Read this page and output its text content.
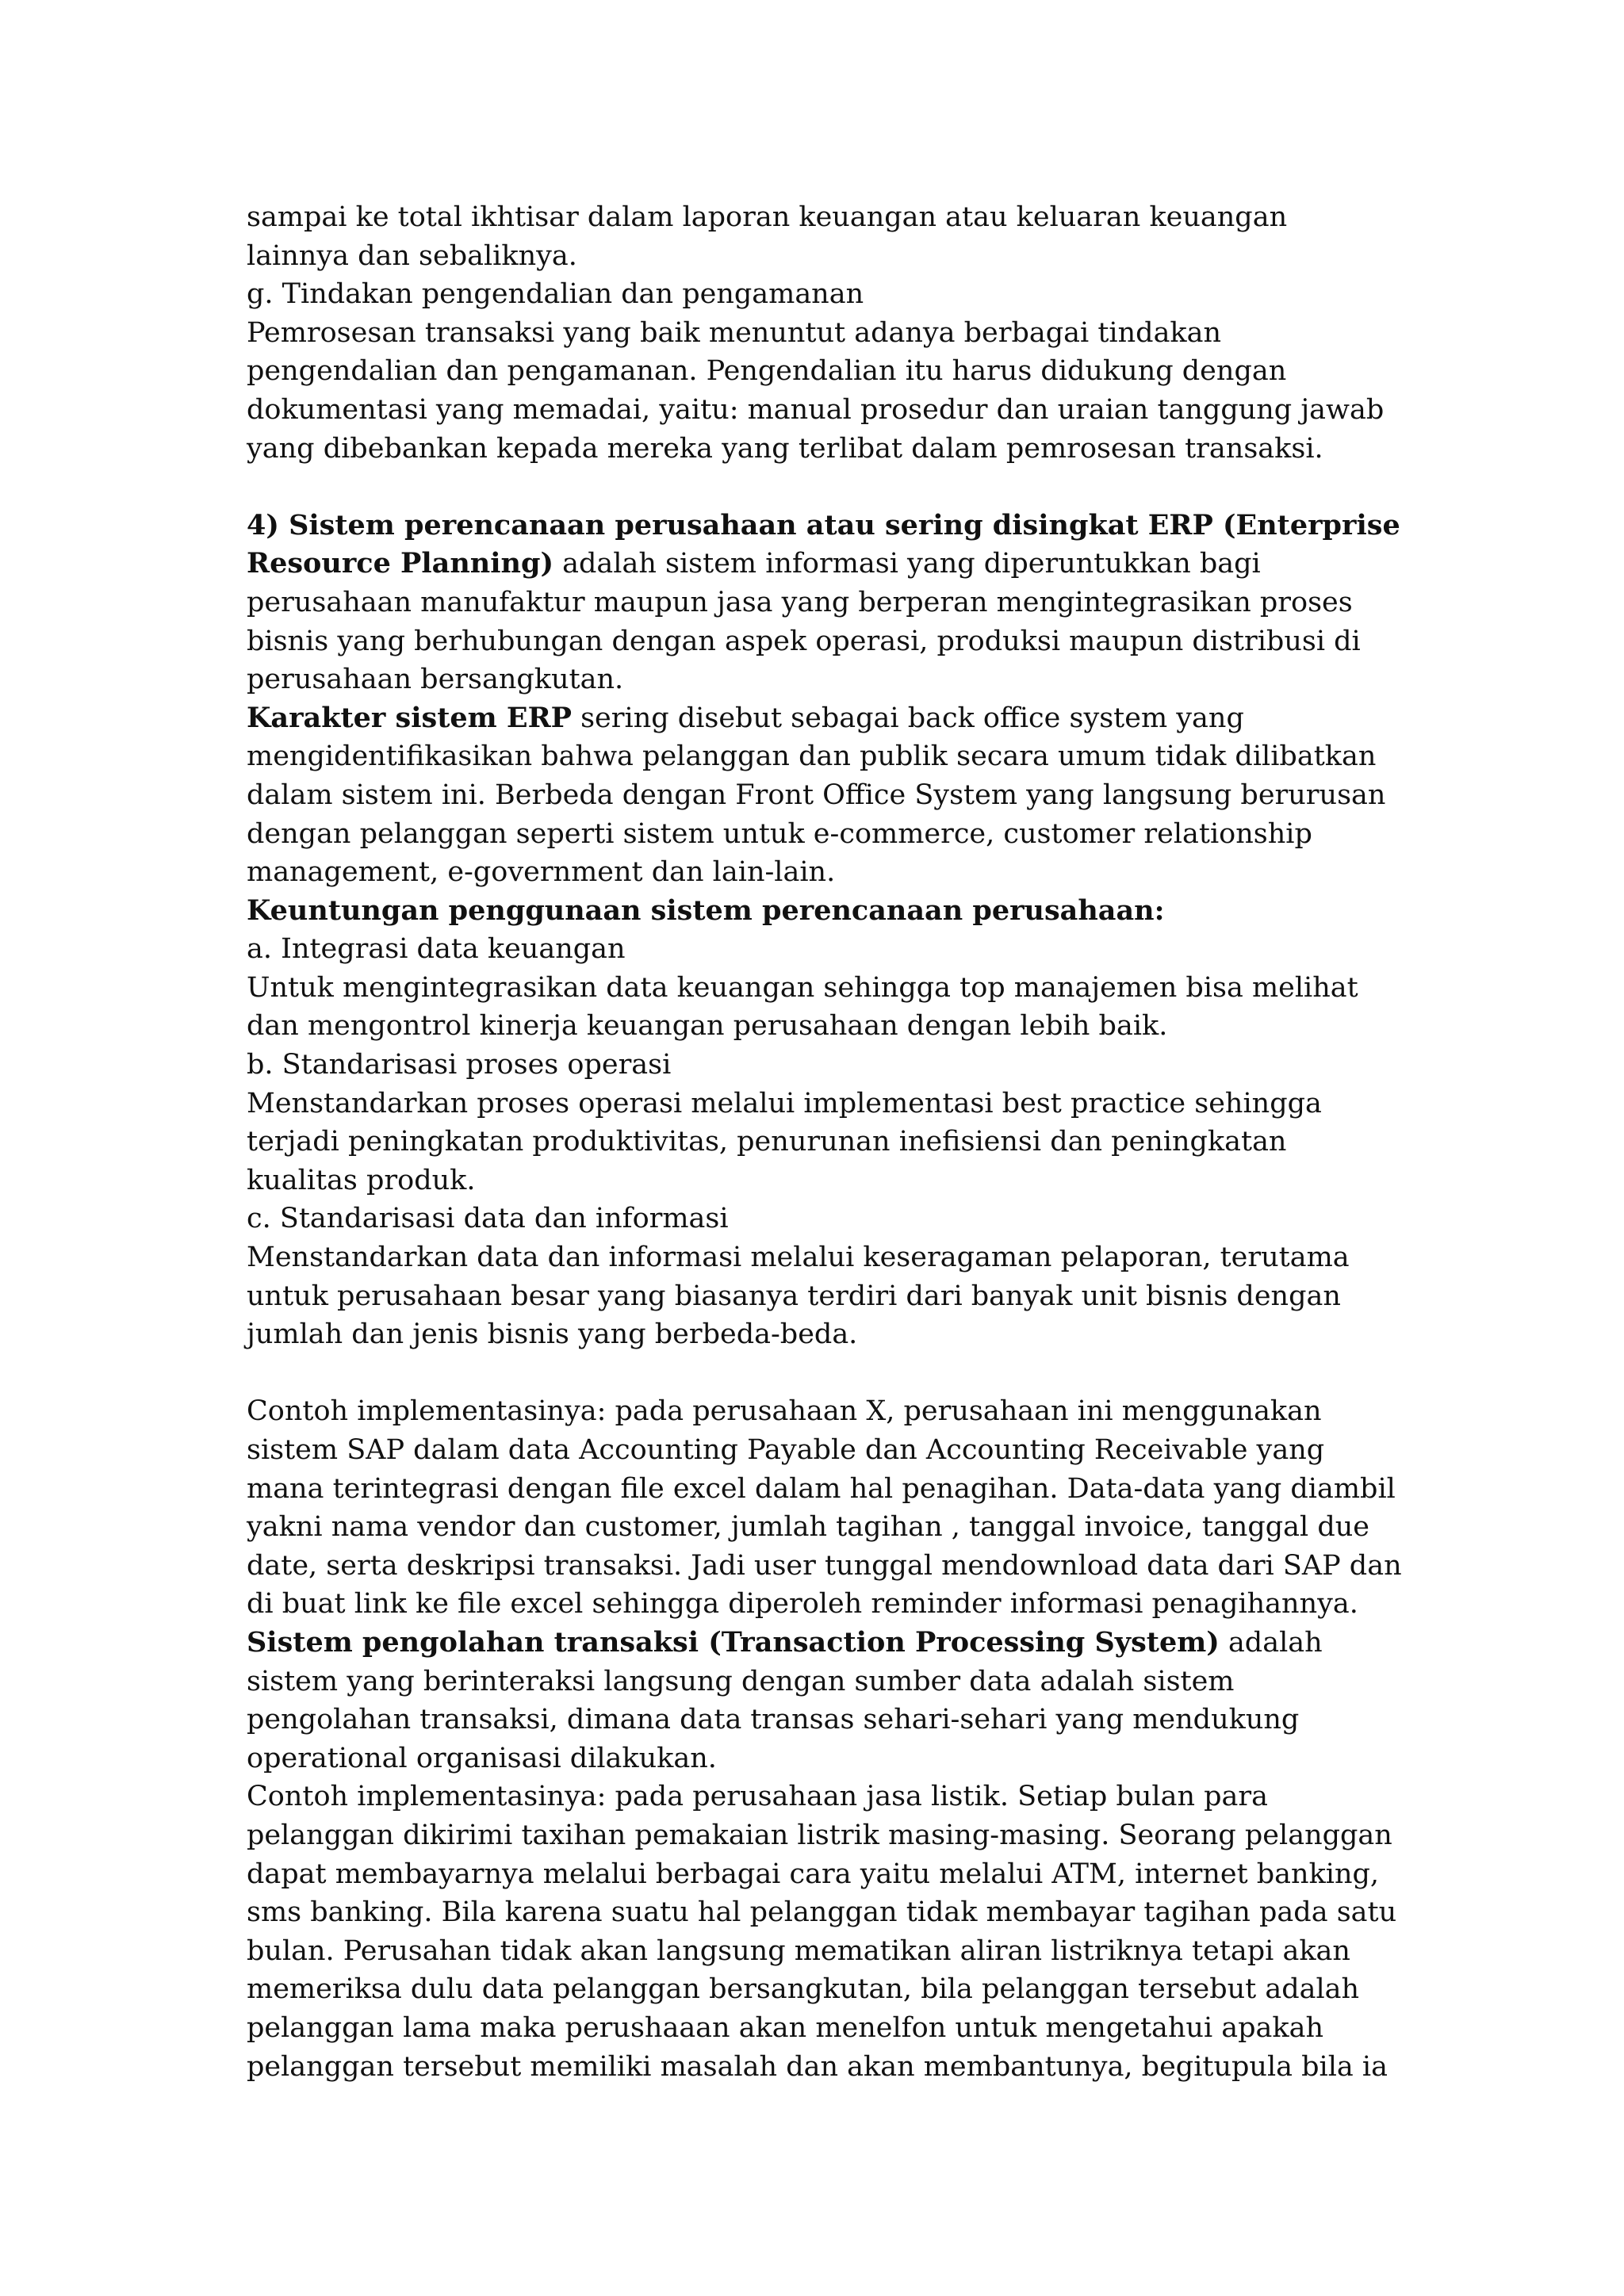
sampai ke total ikhtisar dalam laporan keuangan atau keluaran keuangan

lainnya dan sebaliknya.

g. Tindakan pengendalian dan pengamanan

Pemrosesan transaksi yang baik menuntut adanya berbagai tindakan

pengendalian dan pengamanan. Pengendalian itu harus didukung dengan

dokumentasi yang memadai, yaitu: manual prosedur dan uraian tanggung jawab

yang dibebankan kepada mereka yang terlibat dalam pemrosesan transaksi.

4) Sistem perencanaan perusahaan atau sering disingkat ERP (Enterprise

Resource Planning) adalah sistem informasi yang diperuntukkan bagi

perusahaan manufaktur maupun jasa yang berperan mengintegrasikan proses

bisnis yang berhubungan dengan aspek operasi, produksi maupun distribusi di

perusahaan bersangkutan.

Karakter sistem ERP sering disebut sebagai back office system yang

mengidentifikasikan bahwa pelanggan dan publik secara umum tidak dilibatkan

dalam sistem ini. Berbeda dengan Front Office System yang langsung berurusan

dengan pelanggan seperti sistem untuk e-commerce, customer relationship

management, e-government dan lain-lain.

Keuntungan penggunaan sistem perencanaan perusahaan:

a. Integrasi data keuangan

Untuk mengintegrasikan data keuangan sehingga top manajemen bisa melihat

dan mengontrol kinerja keuangan perusahaan dengan lebih baik.

b. Standarisasi proses operasi

Menstandarkan proses operasi melalui implementasi best practice sehingga

terjadi peningkatan produktivitas, penurunan inefisiensi dan peningkatan

kualitas produk.

c. Standarisasi data dan informasi

Menstandarkan data dan informasi melalui keseragaman pelaporan, terutama

untuk perusahaan besar yang biasanya terdiri dari banyak unit bisnis dengan

jumlah dan jenis bisnis yang berbeda-beda.

Contoh implementasinya: pada perusahaan X, perusahaan ini menggunakan

sistem SAP dalam data Accounting Payable dan Accounting Receivable yang

mana terintegrasi dengan file excel dalam hal penagihan. Data-data yang diambil

yakni nama vendor dan customer, jumlah tagihan , tanggal invoice, tanggal due

date, serta deskripsi transaksi. Jadi user tunggal mendownload data dari SAP dan

di buat link ke file excel sehingga diperoleh reminder informasi penagihannya.

Sistem pengolahan transaksi (Transaction Processing System) adalah

sistem yang berinteraksi langsung dengan sumber data adalah sistem

pengolahan transaksi, dimana data transas sehari-sehari yang mendukung

operational organisasi dilakukan.

Contoh implementasinya: pada perusahaan jasa listik. Setiap bulan para

pelanggan dikirimi taxihan pemakaian listrik masing-masing. Seorang pelanggan

dapat membayarnya melalui berbagai cara yaitu melalui ATM, internet banking,

sms banking. Bila karena suatu hal pelanggan tidak membayar tagihan pada satu

bulan. Perusahan tidak akan langsung mematikan aliran listriknya tetapi akan

memeriksa dulu data pelanggan bersangkutan, bila pelanggan tersebut adalah

pelanggan lama maka perushaaan akan menelfon untuk mengetahui apakah

pelanggan tersebut memiliki masalah dan akan membantunya, begitupula bila ia
